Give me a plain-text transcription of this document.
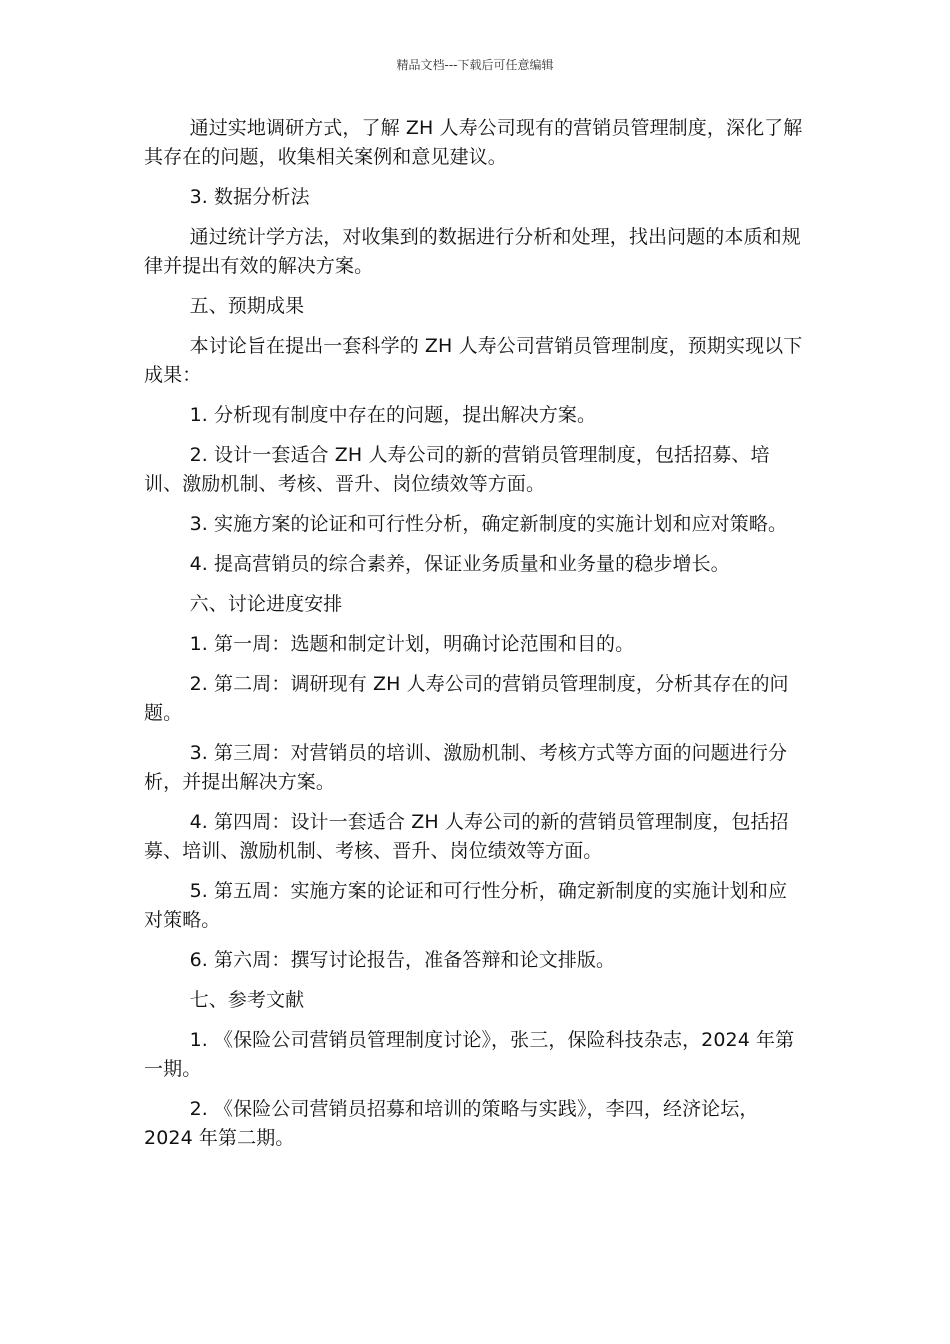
精品文档---下载后可任意编辑

通过实地调研方式，了解 ZH 人寿公司现有的营销员管理制度，深化了解其存在的问题，收集相关案例和意见建议。

3. 数据分析法

通过统计学方法，对收集到的数据进行分析和处理，找出问题的本质和规律并提出有效的解决方案。

五、预期成果

本讨论旨在提出一套科学的 ZH 人寿公司营销员管理制度，预期实现以下成果：

1. 分析现有制度中存在的问题，提出解决方案。

2. 设计一套适合 ZH 人寿公司的新的营销员管理制度，包括招募、培训、激励机制、考核、晋升、岗位绩效等方面。

3. 实施方案的论证和可行性分析，确定新制度的实施计划和应对策略。

4. 提高营销员的综合素养，保证业务质量和业务量的稳步增长。

六、讨论进度安排

1. 第一周：选题和制定计划，明确讨论范围和目的。

2. 第二周：调研现有 ZH 人寿公司的营销员管理制度，分析其存在的问题。

3. 第三周：对营销员的培训、激励机制、考核方式等方面的问题进行分析，并提出解决方案。

4. 第四周：设计一套适合 ZH 人寿公司的新的营销员管理制度，包括招募、培训、激励机制、考核、晋升、岗位绩效等方面。

5. 第五周：实施方案的论证和可行性分析，确定新制度的实施计划和应对策略。

6. 第六周：撰写讨论报告，准备答辩和论文排版。

七、参考文献

1. 《保险公司营销员管理制度讨论》，张三，保险科技杂志，2024 年第一期。

2. 《保险公司营销员招募和培训的策略与实践》，李四，经济论坛，2024 年第二期。
